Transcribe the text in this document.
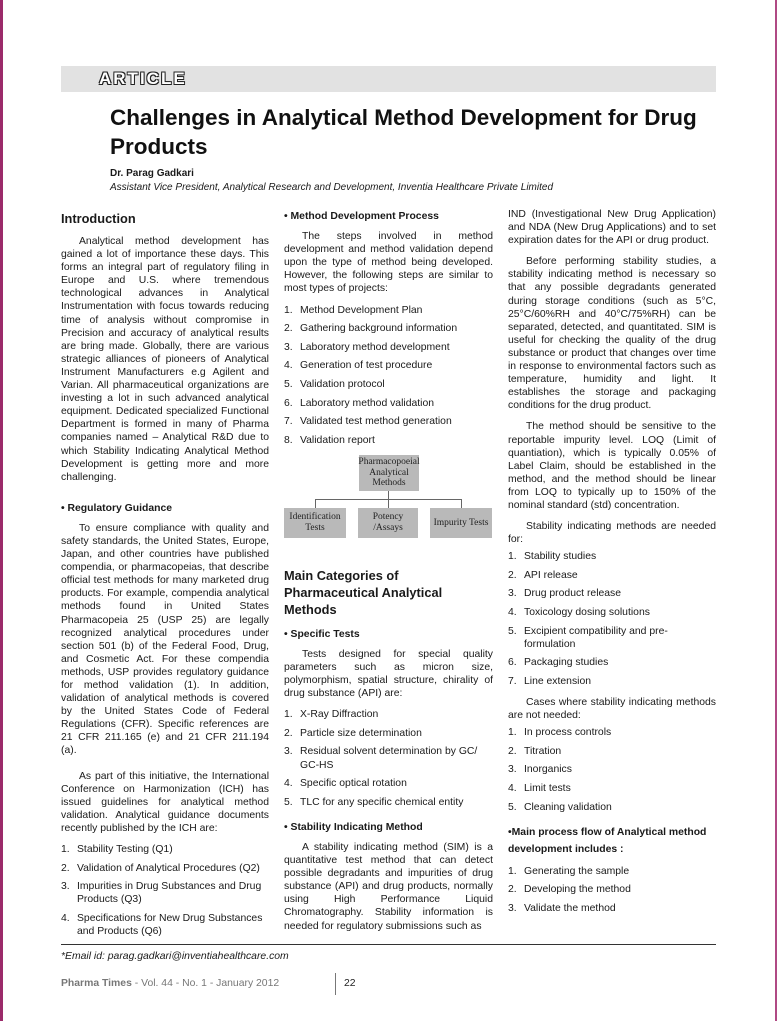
ARTICLE
Challenges in Analytical Method Development for Drug Products
Dr. Parag Gadkari
Assistant Vice President, Analytical Research and Development, Inventia Healthcare Private Limited
Introduction

Analytical method development has gained a lot of importance these days. This forms an integral part of regulatory filing in Europe and U.S. where tremendous technological advances in Analytical Instrumentation with focus towards reducing time of analysis without compromise in Precision and accuracy of analytical results are bring made. Globally, there are various strategic alliances of pioneers of Analytical Instrument Manufacturers e.g Agilent and Varian. All pharmaceutical organizations are investing a lot in such advanced analytical equipment. Dedicated specialized Functional Department is formed in many of Pharma companies named – Analytical R&D due to which Stability Indicating Analytical Method Development is getting more and more challenging.

• Regulatory Guidance

To ensure compliance with quality and safety standards, the United States, Europe, Japan, and other countries have published compendia, or pharmacopeias, that describe official test methods for many marketed drug products. For example, compendia analytical methods found in United States Pharmacopeia 25 (USP 25) are legally recognized analytical procedures under section 501 (b) of the Federal Food, Drug, and Cosmetic Act. For these compendia methods, USP provides regulatory guidance for method validation (1). In addition, validation of analytical methods is covered by the United States Code of Federal Regulations (CFR). Specific references are 21 CFR 211.165 (e) and 21 CFR 211.194 (a).

As part of this initiative, the International Conference on Harmonization (ICH) has issued guidelines for analytical method validation. Analytical guidance documents recently published by the ICH are:

1. Stability Testing (Q1)
2. Validation of Analytical Procedures (Q2)
3. Impurities in Drug Substances and Drug Products (Q3)
4. Specifications for New Drug Substances and Products (Q6)
• Method Development Process

The steps involved in method development and method validation depend upon the type of method being developed. However, the following steps are similar to most types of projects:

1. Method Development Plan
2. Gathering background information
3. Laboratory method development
4. Generation of test procedure
5. Validation protocol
6. Laboratory method validation
7. Validated test method generation
8. Validation report
Pharmacopoeial Analytical Methods
Identification Tests
Potency /Assays
Impurity Tests
Main Categories of Pharmaceutical Analytical Methods
• Specific Tests

Tests designed for special quality parameters such as micron size, polymorphism, spatial structure, chirality of drug substance (API) are:

1. X-Ray Diffraction
2. Particle size determination
3. Residual solvent determination by GC/ GC-HS
4. Specific optical rotation
5. TLC for any specific chemical entity
• Stability Indicating Method

A stability indicating method (SIM) is a quantitative test method that can detect possible degradants and impurities of drug substance (API) and drug products, normally using High Performance Liquid Chromatography. Stability information is needed for regulatory submissions such as

IND (Investigational New Drug Application) and NDA (New Drug Applications) and to set expiration dates for the API or drug product.

Before performing stability studies, a stability indicating method is necessary so that any possible degradants generated during storage conditions (such as 5°C, 25°C/60%RH and 40°C/75%RH) can be separated, detected, and quantitated. SIM is useful for checking the quality of the drug substance or product that changes over time in response to environmental factors such as temperature, humidity and light. It establishes the storage and packaging conditions for the drug product.

The method should be sensitive to the reportable impurity level. LOQ (Limit of quantiation), which is typically 0.05% of Label Claim, should be established in the method, and the method should be linear from LOQ to typically up to 150% of the nominal standard (std) concentration.

Stability indicating methods are needed for:

1. Stability studies
2. API release
3. Drug product release
4. Toxicology dosing solutions
5. Excipient compatibility and pre-formulation
6. Packaging studies
7. Line extension

Cases where stability indicating methods are not needed:

1. In process controls
2. Titration
3. Inorganics
4. Limit tests
5. Cleaning validation
•Main process flow of Analytical method development includes :
1. Generating the sample
2. Developing the method
3. Validate the method
*Email id: parag.gadkari@inventiahealthcare.com
Pharma Times - Vol. 44 - No. 1 - January 2012	22
